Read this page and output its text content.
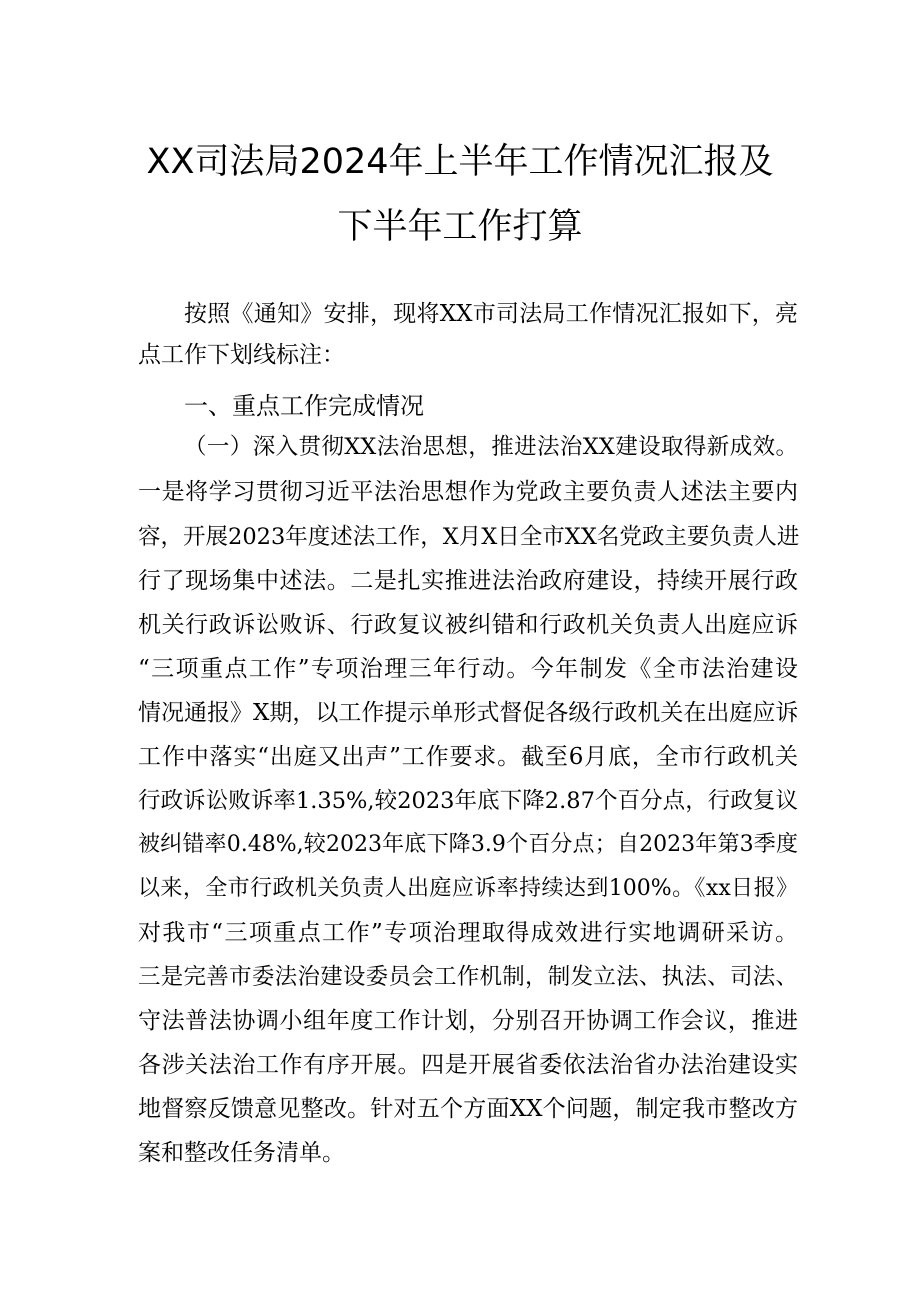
XX司法局2024年上半年工作情况汇报及
下半年工作打算
按照《通知》安排，现将XX市司法局工作情况汇报如下，亮
点工作下划线标注：
一、重点工作完成情况
（一）深入贯彻XX法治思想，推进法治XX建设取得新成效。
一是将学习贯彻习近平法治思想作为党政主要负责人述法主要内
容，开展2023年度述法工作，X月X日全市XX名党政主要负责人进
行了现场集中述法。二是扎实推进法治政府建设，持续开展行政
机关行政诉讼败诉、行政复议被纠错和行政机关负责人出庭应诉
“三项重点工作”专项治理三年行动。今年制发《全市法治建设
情况通报》X期，以工作提示单形式督促各级行政机关在出庭应诉
工作中落实“出庭又出声”工作要求。截至6月底，全市行政机关
行政诉讼败诉率1.35%,较2023年底下降2.87个百分点，行政复议
被纠错率0.48%,较2023年底下降3.9个百分点；自2023年第3季度
以来，全市行政机关负责人出庭应诉率持续达到100%。《xx日报》
对我市“三项重点工作”专项治理取得成效进行实地调研采访。
三是完善市委法治建设委员会工作机制，制发立法、执法、司法、
守法普法协调小组年度工作计划，分别召开协调工作会议，推进
各涉关法治工作有序开展。四是开展省委依法治省办法治建设实
地督察反馈意见整改。针对五个方面XX个问题，制定我市整改方
案和整改任务清单。
